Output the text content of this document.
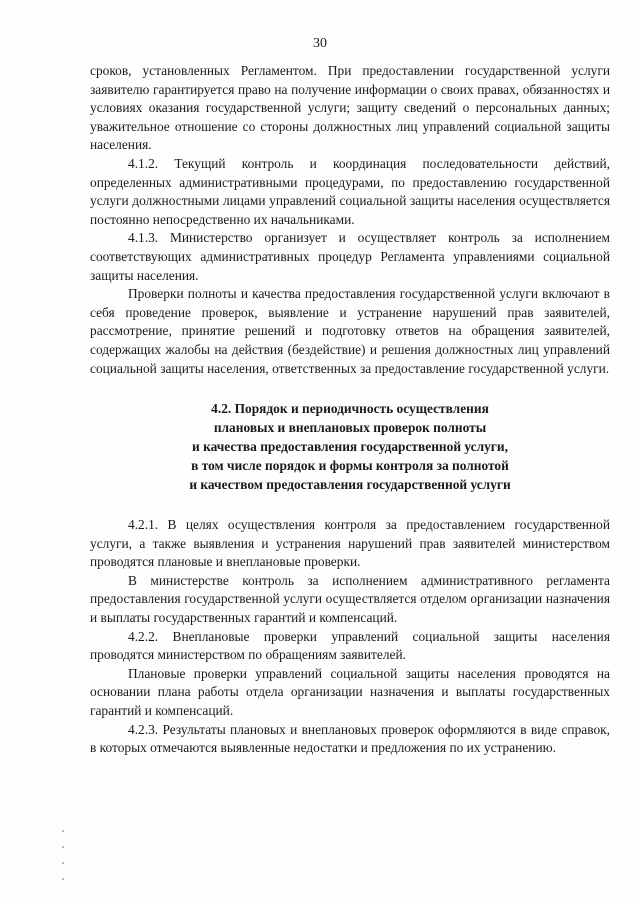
30

сроков, установленных Регламентом. При предоставлении государственной услуги заявителю гарантируется право на получение информации о своих правах, обязанностях и условиях оказания государственной услуги; защиту сведений о персональных данных; уважительное отношение со стороны должностных лиц управлений социальной защиты населения.

4.1.2. Текущий контроль и координация последовательности действий, определенных административными процедурами, по предоставлению государственной услуги должностными лицами управлений социальной защиты населения осуществляется постоянно непосредственно их начальниками.

4.1.3. Министерство организует и осуществляет контроль за исполнением соответствующих административных процедур Регламента управлениями социальной защиты населения.

Проверки полноты и качества предоставления государственной услуги включают в себя проведение проверок, выявление и устранение нарушений прав заявителей, рассмотрение, принятие решений и подготовку ответов на обращения заявителей, содержащих жалобы на действия (бездействие) и решения должностных лиц управлений социальной защиты населения, ответственных за предоставление государственной услуги.

4.2. Порядок и периодичность осуществления
плановых и внеплановых проверок полноты
и качества предоставления государственной услуги,
в том числе порядок и формы контроля за полнотой
и качеством предоставления государственной услуги

4.2.1. В целях осуществления контроля за предоставлением государственной услуги, а также выявления и устранения нарушений прав заявителей министерством проводятся плановые и внеплановые проверки.

В министерстве контроль за исполнением административного регламента предоставления государственной услуги осуществляется отделом организации назначения и выплаты государственных гарантий и компенсаций.

4.2.2. Внеплановые проверки управлений социальной защиты населения проводятся министерством по обращениям заявителей.

Плановые проверки управлений социальной защиты населения проводятся на основании плана работы отдела организации назначения и выплаты государственных гарантий и компенсаций.

4.2.3. Результаты плановых и внеплановых проверок оформляются в виде справок, в которых отмечаются выявленные недостатки и предложения по их устранению.
